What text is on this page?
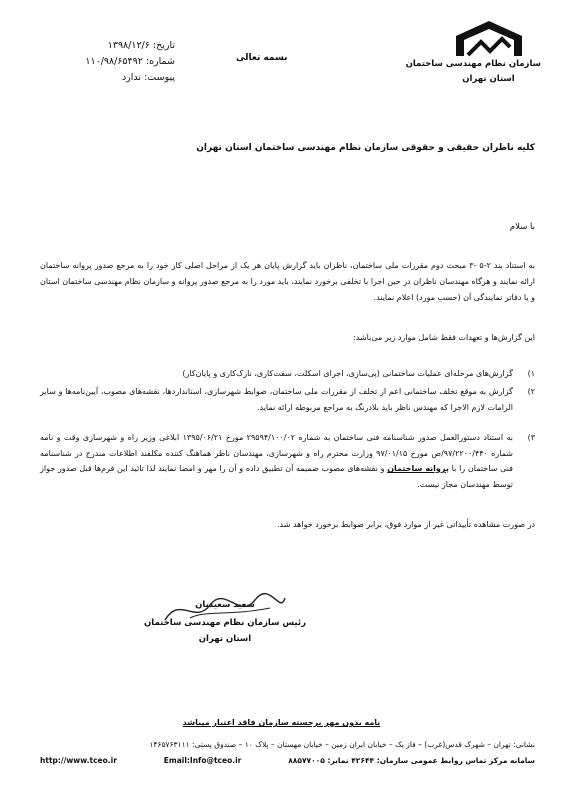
سازمان نظام مهندسی ساختمان
استان تهران
بسمه تعالی
تاریخ: ۱۳۹۸/۱۲/۶
شماره: ۱۱۰/۹۸/۶۵۴۹۲
پیوست: ندارد
کلیه ناظران حقیقی و حقوقی سازمان نظام مهندسی ساختمان استان تهران
با سلام
به استناد بند ۲-۵ -۳ مبحث دوم مقررات ملی ساختمان، ناظران باید گزارش پایان هر یک از مراحل اصلی کار خود را به مرجع صدور پروانه ساختمان ارائه نمایند و هرگاه مهندسان ناظران در حین اجرا با تخلفی برخورد نمایند، باید مورد را به مرجع صدور پروانه و سازمان نظام مهندسی ساختمان استان و یا دفاتر نمایندگی آن (حسب مورد) اعلام نمایند.
این گزارش‌ها و تعهدات فقط شامل موارد زیر می‌باشد:
۱)
گزارش‌های مرحله‌ای عملیات ساختمانی (پی‌سازی، اجرای اسکلت، سفت‌کاری، نازک‌کاری و پایان‌کار)
۲)
گزارش به موقع تخلف ساختمانی اعم از تخلف از مقررات ملی ساختمان، ضوابط شهرسازی، استانداردها، نقشه‌های مصوب، آیین‌نامه‌ها و سایر الزامات لازم الاجرا که مهندس ناظر باید بلادرنگ به مراجع مربوطه ارائه نماید.
۳)
به استناد دستورالعمل صدور شناسنامه فنی ساختمان به شماره ۲۹۵۹۴/۱۰۰/۰۲ مورخ ۱۳۹۵/۰۶/۲۱ ابلاغی وزیر راه و شهرسازی وقت و نامه شماره ۹۷/۲۲۰۰/۴۴۰/ص مورخ ۹۷/۰۱/۱۵ وزارت محترم راه و شهرسازی، مهندسان ناظر هماهنگ کننده مکلفند اطلاعات مندرج در شناسنامه فنی ساختمان را با پروانه ساختمان و نقشه‌های مصوب ضمیمه آن تطبیق داده و آن را مهر و امضا نمایند لذا تائید این فرم‌ها قبل صدور جواز توسط مهندسان مجاز نیست.
در صورت مشاهده تأییداتی غیر از موارد فوق، برابر ضوابط برخورد خواهد شد.
سعید سعیدیان
رئیس سازمان نظام مهندسی ساختمان
استان تهران
نامه بدون مهر برجسته سازمان فاقد اعتبار میباشد
نشانی: تهران – شهرک قدس(غرب) – فاز یک – خیابان ایران زمین – خیابان مهستان – پلاک ۱۰ – صندوق پستی: ۱۴۶۵۷۶۳۱۱۱
سامانه مرکز تماس روابط عمومی سازمان: ۴۲۶۴۴ نمابر: ۸۸۵۷۷۰۰۵
Email:Info@tceo.ir
http://www.tceo.ir
